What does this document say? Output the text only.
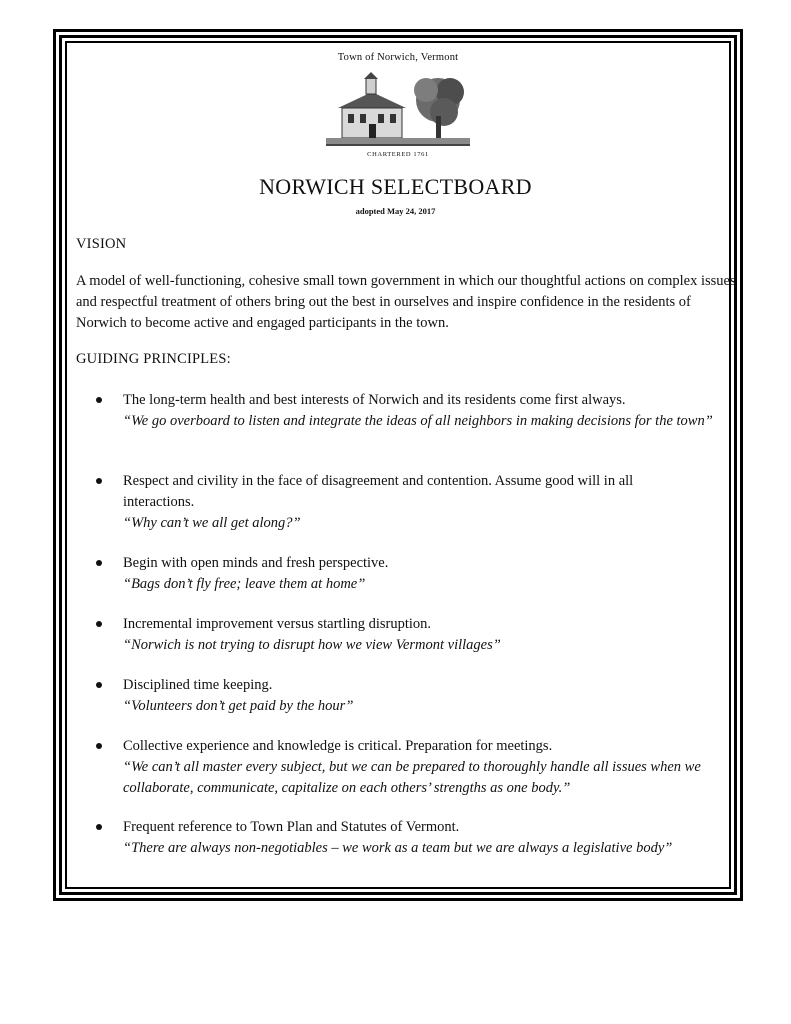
Town of Norwich, Vermont
CHARTERED 1761
NORWICH SELECTBOARD
adopted May 24, 2017
VISION
A model of well-functioning, cohesive small town government in which our thoughtful actions on complex issues and respectful treatment of others bring out the best in ourselves and inspire confidence in the residents of Norwich to become active and engaged participants in the town.
GUIDING PRINCIPLES:
The long-term health and best interests of Norwich and its residents come first always.
“We go overboard to listen and integrate the ideas of all neighbors in making decisions for the town”
Respect and civility in the face of disagreement and contention. Assume good will in all interactions.
“Why can’t we all get along?”
Begin with open minds and fresh perspective.
“Bags don’t fly free; leave them at home”
Incremental improvement versus startling disruption.
“Norwich is not trying to disrupt how we view Vermont villages”
Disciplined time keeping.
“Volunteers don’t get paid by the hour”
Collective experience and knowledge is critical. Preparation for meetings.
“We can’t all master every subject, but we can be prepared to thoroughly handle all issues when we collaborate, communicate, capitalize on each others’ strengths as one body.”
Frequent reference to Town Plan and Statutes of Vermont.
“There are always non-negotiables – we work as a team but we are always a legislative body”
